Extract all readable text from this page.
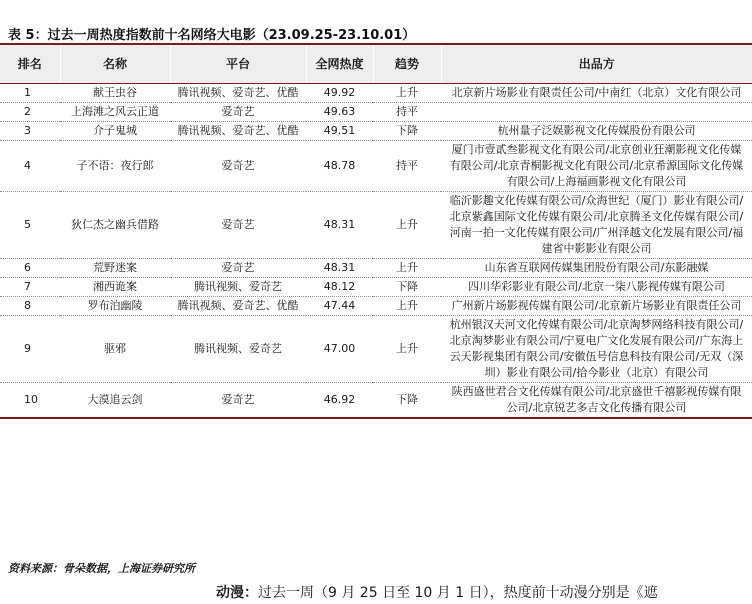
表 5：过去一周热度指数前十名网络大电影（23.09.25-23.10.01）
排名	名称	平台	全网热度	趋势	出品方
1	献王虫谷	腾讯视频、爱奇艺、优酷	49.92	上升	北京新片场影业有限责任公司/中南红（北京）文化有限公司
2	上海滩之风云正道	爱奇艺	49.63	持平	
3	介子鬼城	腾讯视频、爱奇艺、优酷	49.51	下降	杭州量子泛娱影视文化传媒股份有限公司
4	子不语：夜行郎	爱奇艺	48.78	持平	厦门市壹貳叁影视文化有限公司/北京创业狂潮影视文化传媒有限公司/北京青桐影视文化有限公司/北京希源国际文化传媒有限公司/上海福画影视文化有限公司
5	狄仁杰之幽兵借路	爱奇艺	48.31	上升	临沂影趣文化传媒有限公司/众海世纪（厦门）影业有限公司/北京紫鑫国际文化传媒有限公司/北京腾圣文化传媒有限公司/河南一拍一文化传媒有限公司/广州泽越文化发展有限公司/福建省中影影业有限公司
6	荒野迷案	爱奇艺	48.31	上升	山东省互联网传媒集团股份有限公司/东影融媒
7	湘西诡案	腾讯视频、爱奇艺	48.12	下降	四川华彩影业有限公司/北京一柒八影视传媒有限公司
8	罗布泊幽陵	腾讯视频、爱奇艺、优酷	47.44	上升	广州新片场影视传媒有限公司/北京新片场影业有限责任公司
9	驱邪	腾讯视频、爱奇艺	47.00	上升	杭州银汉天河文化传媒有限公司/北京淘梦网络科技有限公司/北京淘梦影业有限公司/宁夏电广文化发展有限公司/广东海上云天影视集团有限公司/安徽伍号信息科技有限公司/无双（深圳）影业有限公司/拾今影业（北京）有限公司
10	大漠追云剑	爱奇艺	46.92	下降	陕西盛世君合文化传媒有限公司/北京盛世千禧影视传媒有限公司/北京锐艺多吉文化传播有限公司
资料来源：骨朵数据，上海证券研究所
动漫：过去一周（9 月 25 日至 10 月 1 日），热度前十动漫分别是《遮
